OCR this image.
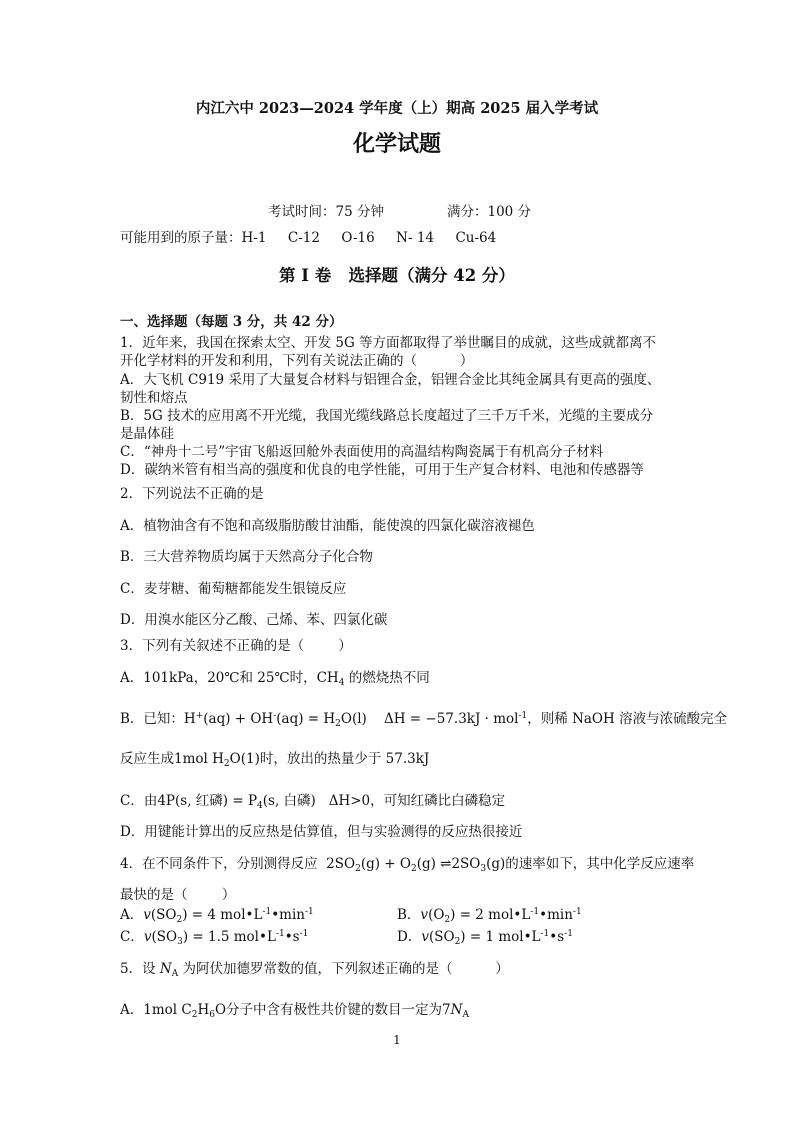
内江六中 2023—2024 学年度（上）期高 2025 届入学考试
化学试题
考试时间：75 分钟	满分：100 分
可能用到的原子量：H-1     C-12     O-16     N- 14     Cu-64
第 I 卷   选择题（满分 42 分）
一、选择题（每题 3 分，共 42 分）
1．近年来，我国在探索太空、开发 5G 等方面都取得了举世瞩目的成就，这些成就都离不
开化学材料的开发和利用，下列有关说法正确的（          ）
A．大飞机 C919 采用了大量复合材料与铝锂合金，铝锂合金比其纯金属具有更高的强度、
韧性和熔点
B．5G 技术的应用离不开光缆，我国光缆线路总长度超过了三千万千米，光缆的主要成分
是晶体硅
C．“神舟十二号”宇宙飞船返回舱外表面使用的高温结构陶瓷属于有机高分子材料
D．碳纳米管有相当高的强度和优良的电学性能，可用于生产复合材料、电池和传感器等
2．下列说法不正确的是
A．植物油含有不饱和高级脂肪酸甘油酯，能使溴的四氯化碳溶液褪色
B．三大营养物质均属于天然高分子化合物
C．麦芽糖、葡萄糖都能发生银镜反应
D．用溴水能区分乙酸、己烯、苯、四氯化碳
3．下列有关叙述不正确的是（        ）
A．101kPa，20℃和 25℃时，$CH_4$ 的燃烧热不同
B．已知：$H^+(aq) + OH^-(aq) = H_2O(l)$    ΔH = −57.3kJ · mol$^{-1}$，则稀 NaOH 溶液与浓硫酸完全
反应生成1mol $H_2O(1)$时，放出的热量少于 57.3kJ
C．由4P(s, 红磷) = $P_4(s$, 白磷)   ΔH>0，可知红磷比白磷稳定
D．用键能计算出的反应热是估算值，但与实验测得的反应热很接近
4．在不同条件下，分别测得反应  $2SO_2(g) + O_2(g)$ $\rightleftharpoons 2SO_3(g)$的速率如下，其中化学反应速率
最快的是（        ）
A．$v(SO_2) = 4$ $mol•L^{-1}•\min^{-1}$	B．$v(O_2) = 2$ $mol•L^{-1}•\min^{-1}$
C．$v(SO_3) = 1.5$ $mol•L^{-1}•s^{-1}$	D．$v(SO_2) = 1$ $mol•L^{-1}•s^{-1}$
5．设 $N_A$ 为阿伏加德罗常数的值，下列叙述正确的是（          ）
A．1mol $C_2H_6O$分子中含有极性共价键的数目一定为$7N_A$
1
